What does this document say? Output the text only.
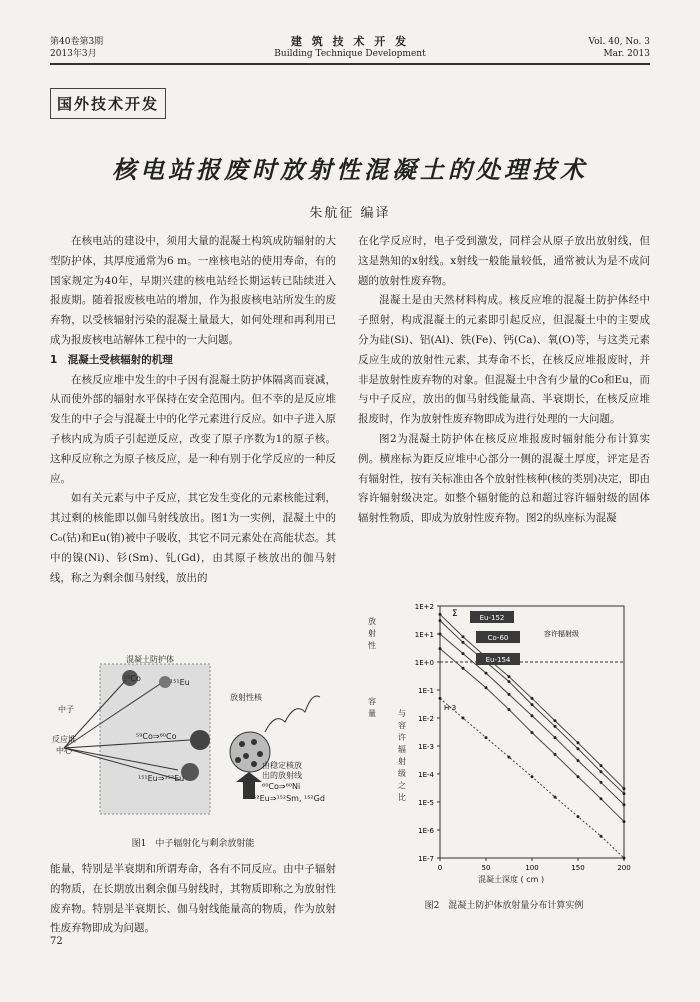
第40卷第3期
2013年3月
建 筑 技 术 开 发
Building Technique Development
Vol. 40, No. 3
Mar. 2013
国外技术开发
核电站报废时放射性混凝土的处理技术
朱航征 编译

在核电站的建设中，须用大量的混凝土构筑成防辐射的大型防护体，其厚度通常为6 m。一座核电站的使用寿命，有的国家规定为40年，早期兴建的核电站经长期运转已陆续进入报废期。随着报废核电站的增加，作为报废核电站所发生的废弃物，以受核辐射污染的混凝土量最大，如何处理和再利用已成为报废核电站解体工程中的一大问题。

1　混凝土受核辐射的机理

在核反应堆中发生的中子因有混凝土防护体隔离而衰减，从而使外部的辐射水平保持在安全范围内。但不幸的是反应堆发生的中子会与混凝土中的化学元素进行反应。如中子进入原子核内成为质子引起逆反应，改变了原子序数为1的原子核。这种反应称之为原子核反应，是一种有别于化学反应的一种反应。

如有关元素与中子反应，其它发生变化的元素核能过剩，其过剩的核能即以伽马射线放出。图1为一实例，混凝土中的C₀(钴)和Eu(铕)被中子吸收，其它不同元素处在高能状态。其中的镍(Ni)、钐(Sm)、钆(Gd)，由其原子核放出的伽马射线，称之为剩余伽马射线，放出的

混凝土防护体
⁵⁹Co	¹⁵¹Eu
中子
反应堆
中心
⁵⁹Co⇒⁶⁰Co
¹⁵¹Eu⇒¹⁵²Eu
放射性核
由稳定核放
出的放射线
⁶⁰Co⇒⁶⁰Ni
¹⁵²Eu⇒¹⁵²Sm, ¹⁵²Gd
图1　中子辐射化与剩余放射能

能量，特别是半衰期和所谓寿命，各有不同反应。由中子辐射的物质，在长期放出剩余伽马射线时，其物质即称之为放射性废弃物。特别是半衰期长、伽马射线能量高的物质，作为放射性废弃物即成为问题。

在化学反应时，电子受到激发，同样会从原子放出放射线，但这是熟知的x射线。x射线一般能量较低，通常被认为是不成问题的放射性废弃物。

混凝土是由天然材料构成。核反应堆的混凝土防护体经中子照射，构成混凝土的元素即引起反应，但混凝土中的主要成分为硅(Si)、铝(Al)、铁(Fe)、钙(Ca)、氧(O)等，与这类元素反应生成的放射性元素，其寿命不长，在核反应堆报废时，并非是放射性废弃物的对象。但混凝土中含有少量的Co和Eu，而与中子反应，放出的伽马射线能量高、半衰期长，在核反应堆报废时，作为放射性废弃物即成为进行处理的一大问题。

图2为混凝土防护体在核反应堆报废时辐射能分布计算实例。横座标为距反应堆中心部分一侧的混凝土厚度，评定是否有辐射性，按有关标准由各个放射性核种(核的类别)决定，即由容许辐射级决定。如整个辐射能的总和超过容许辐射级的固体辐射性物质，即成为放射性废弃物。图2的纵座标为混凝

放射性
容量	与容许辐射级之比
1E+2
1E+1
1E+0
1E-1
1E-2
1E-3
1E-4
1E-5
1E-6
1E-7
0	50	100	150	200
容许辐射级
Σ	Eu-152
Co-60
Eu-154
H-3
混凝土深度 ( cm )
图2　混凝土防护体放射量分布计算实例
72
